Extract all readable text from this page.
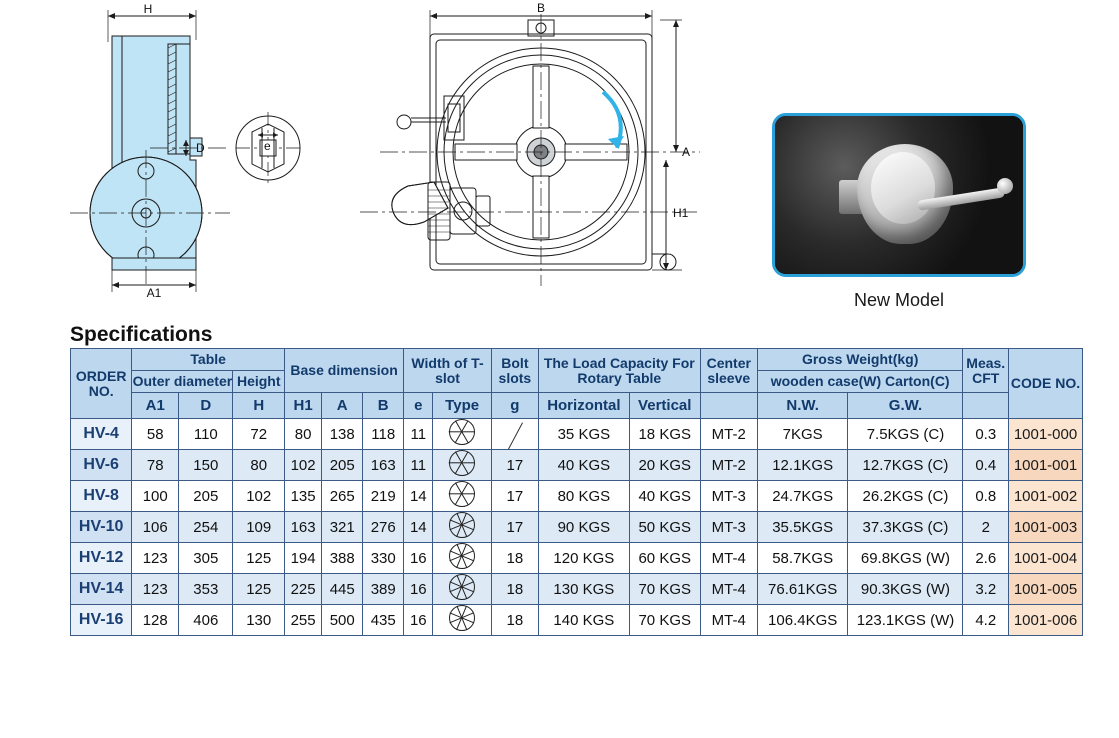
H
D
A1
e
B
A
H1
New Model
Specifications
ORDER NO.	Table			Base dimension			Width of T-slot		Bolt slots	The Load Capacity For Rotary Table		Center sleeve	Gross Weight(kg)		Meas. CFT	CODE NO.
	Outer diameter		Height										wooden case(W) Carton(C)			
	A1	D	H	H1	A	B	e	Type	g	Horizontal	Vertical		N.W.	G.W.		
HV-4	58	110	72	80	138	118	11			35 KGS	18 KGS	MT-2	7KGS	7.5KGS (C)	0.3	1001-000
HV-6	78	150	80	102	205	163	11		17	40 KGS	20 KGS	MT-2	12.1KGS	12.7KGS (C)	0.4	1001-001
HV-8	100	205	102	135	265	219	14		17	80 KGS	40 KGS	MT-3	24.7KGS	26.2KGS (C)	0.8	1001-002
HV-10	106	254	109	163	321	276	14		17	90 KGS	50 KGS	MT-3	35.5KGS	37.3KGS (C)	2	1001-003
HV-12	123	305	125	194	388	330	16		18	120 KGS	60 KGS	MT-4	58.7KGS	69.8KGS (W)	2.6	1001-004
HV-14	123	353	125	225	445	389	16		18	130 KGS	70 KGS	MT-4	76.61KGS	90.3KGS (W)	3.2	1001-005
HV-16	128	406	130	255	500	435	16		18	140 KGS	70 KGS	MT-4	106.4KGS	123.1KGS (W)	4.2	1001-006
